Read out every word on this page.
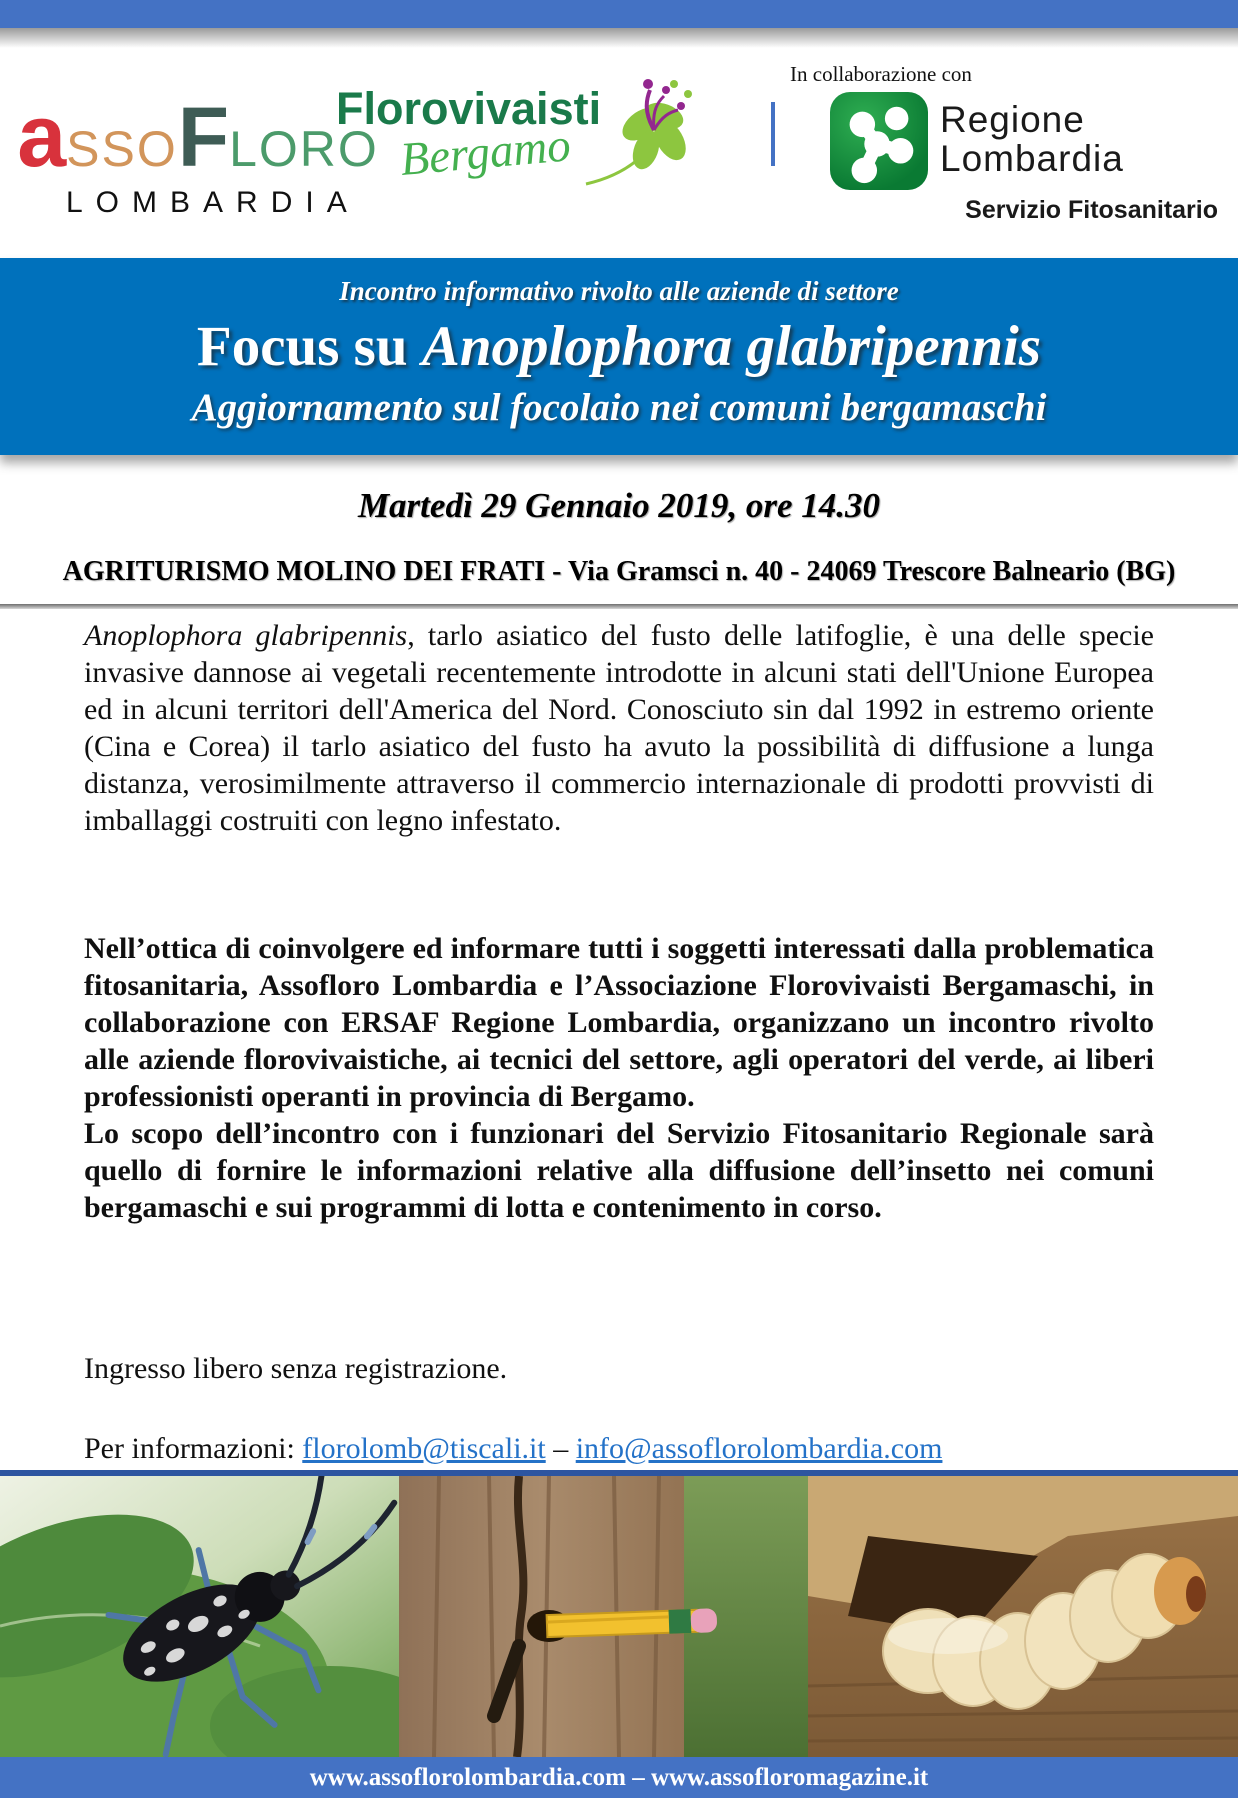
a SSO F LORO
LOMBARDIA
Florovivaisti
Bergamo
In collaborazione con
Regione
Lombardia
Servizio Fitosanitario
Incontro informativo rivolto alle aziende di settore
Focus su Anoplophora glabripennis
Aggiornamento sul focolaio nei comuni bergamaschi
Martedì 29 Gennaio 2019, ore 14.30
AGRITURISMO MOLINO DEI FRATI - Via Gramsci n. 40 - 24069 Trescore Balneario (BG)
Anoplophora glabripennis, tarlo asiatico del fusto delle latifoglie, è una delle specie invasive dannose ai vegetali recentemente introdotte in alcuni stati dell'Unione Europea ed in alcuni territori dell'America del Nord. Conosciuto sin dal 1992 in estremo oriente (Cina e Corea) il tarlo asiatico del fusto ha avuto la possibilità di diffusione a lunga distanza, verosimilmente attraverso il commercio internazionale di prodotti provvisti di imballaggi costruiti con legno infestato.
Nell’ottica di coinvolgere ed informare tutti i soggetti interessati dalla problematica fitosanitaria, Assofloro Lombardia e l’Associazione Florovivaisti Bergamaschi, in collaborazione con ERSAF Regione Lombardia, organizzano un incontro rivolto alle aziende florovivaistiche, ai tecnici del settore, agli operatori del verde, ai liberi professionisti operanti in provincia di Bergamo.
Lo scopo dell’incontro con i funzionari del Servizio Fitosanitario Regionale sarà quello di fornire le informazioni relative alla diffusione dell’insetto nei comuni bergamaschi e sui programmi di lotta e contenimento in corso.
Ingresso libero senza registrazione.
Per informazioni: florolomb@tiscali.it – info@assoflorolombardia.com
www.assoflorolombardia.com – www.assofloromagazine.it
